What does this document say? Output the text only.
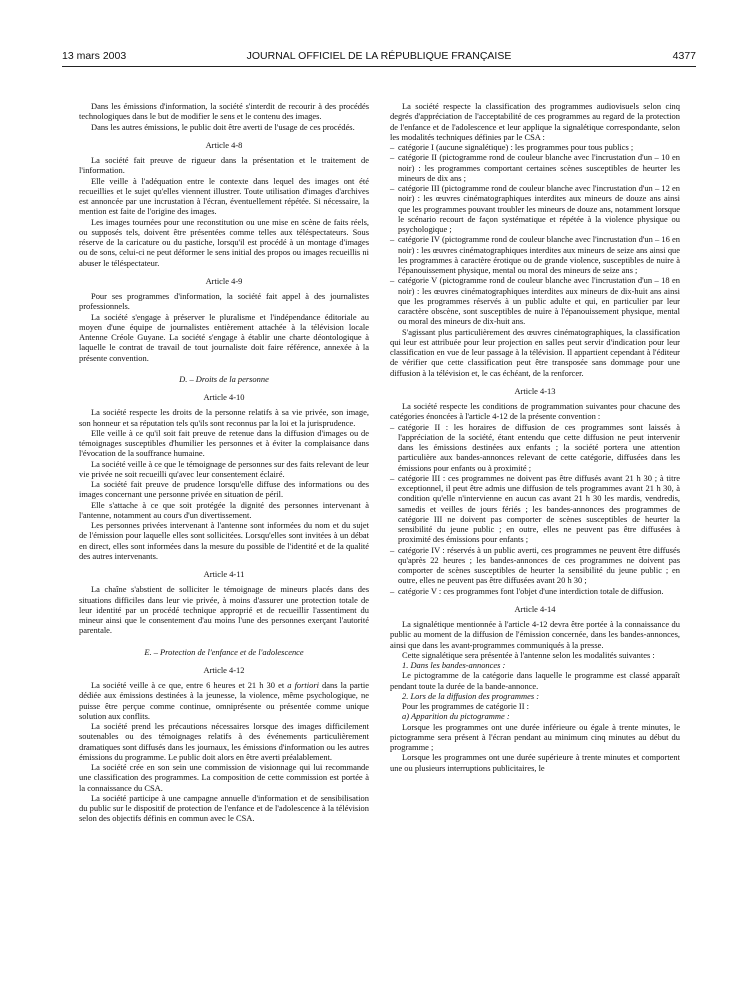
13 mars 2003	JOURNAL OFFICIEL DE LA RÉPUBLIQUE FRANÇAISE	4377

Dans les émissions d'information, la société s'interdit de recourir à des procédés technologiques dans le but de modifier le sens et le contenu des images.

Dans les autres émissions, le public doit être averti de l'usage de ces procédés.

Article 4-8

La société fait preuve de rigueur dans la présentation et le traitement de l'information.

Elle veille à l'adéquation entre le contexte dans lequel des images ont été recueillies et le sujet qu'elles viennent illustrer. Toute utilisation d'images d'archives est annoncée par une incrustation à l'écran, éventuellement répétée. Si nécessaire, la mention est faite de l'origine des images.

Les images tournées pour une reconstitution ou une mise en scène de faits réels, ou supposés tels, doivent être présentées comme telles aux téléspectateurs. Sous réserve de la caricature ou du pastiche, lorsqu'il est procédé à un montage d'images ou de sons, celui-ci ne peut déformer le sens initial des propos ou images recueillis ni abuser le téléspectateur.

Article 4-9

Pour ses programmes d'information, la société fait appel à des journalistes professionnels.

La société s'engage à préserver le pluralisme et l'indépendance éditoriale au moyen d'une équipe de journalistes entièrement attachée à la télévision locale Antenne Créole Guyane. La société s'engage à établir une charte déontologique à laquelle le contrat de travail de tout journaliste doit faire référence, annexée à la présente convention.

D. – Droits de la personne

Article 4-10

La société respecte les droits de la personne relatifs à sa vie privée, son image, son honneur et sa réputation tels qu'ils sont reconnus par la loi et la jurisprudence.

Elle veille à ce qu'il soit fait preuve de retenue dans la diffusion d'images ou de témoignages susceptibles d'humilier les personnes et à éviter la complaisance dans l'évocation de la souffrance humaine.

La société veille à ce que le témoignage de personnes sur des faits relevant de leur vie privée ne soit recueilli qu'avec leur consentement éclairé.

La société fait preuve de prudence lorsqu'elle diffuse des informations ou des images concernant une personne privée en situation de péril.

Elle s'attache à ce que soit protégée la dignité des personnes intervenant à l'antenne, notamment au cours d'un divertissement.

Les personnes privées intervenant à l'antenne sont informées du nom et du sujet de l'émission pour laquelle elles sont sollicitées. Lorsqu'elles sont invitées à un débat en direct, elles sont informées dans la mesure du possible de l'identité et de la qualité des autres intervenants.

Article 4-11

La chaîne s'abstient de solliciter le témoignage de mineurs placés dans des situations difficiles dans leur vie privée, à moins d'assurer une protection totale de leur identité par un procédé technique approprié et de recueillir l'assentiment du mineur ainsi que le consentement d'au moins l'une des personnes exerçant l'autorité parentale.

E. – Protection de l'enfance et de l'adolescence

Article 4-12

La société veille à ce que, entre 6 heures et 21 h 30 et a fortiori dans la partie dédiée aux émissions destinées à la jeunesse, la violence, même psychologique, ne puisse être perçue comme continue, omniprésente ou présentée comme unique solution aux conflits.

La société prend les précautions nécessaires lorsque des images difficilement soutenables ou des témoignages relatifs à des événements particulièrement dramatiques sont diffusés dans les journaux, les émissions d'information ou les autres émissions du programme. Le public doit alors en être averti préalablement.

La société crée en son sein une commission de visionnage qui lui recommande une classification des programmes. La composition de cette commission est portée à la connaissance du CSA.

La société participe à une campagne annuelle d'information et de sensibilisation du public sur le dispositif de protection de l'enfance et de l'adolescence à la télévision selon des objectifs définis en commun avec le CSA.

La société respecte la classification des programmes audiovisuels selon cinq degrés d'appréciation de l'acceptabilité de ces programmes au regard de la protection de l'enfance et de l'adolescence et leur applique la signalétique correspondante, selon les modalités techniques définies par le CSA :

– catégorie I (aucune signalétique) : les programmes pour tous publics ;
– catégorie II (pictogramme rond de couleur blanche avec l'incrustation d'un – 10 en noir) : les programmes comportant certaines scènes susceptibles de heurter les mineurs de dix ans ;
– catégorie III (pictogramme rond de couleur blanche avec l'incrustation d'un – 12 en noir) : les œuvres cinématographiques interdites aux mineurs de douze ans ainsi que les programmes pouvant troubler les mineurs de douze ans, notamment lorsque le scénario recourt de façon systématique et répétée à la violence physique ou psychologique ;
– catégorie IV (pictogramme rond de couleur blanche avec l'incrustation d'un – 16 en noir) : les œuvres cinématographiques interdites aux mineurs de seize ans ainsi que les programmes à caractère érotique ou de grande violence, susceptibles de nuire à l'épanouissement physique, mental ou moral des mineurs de seize ans ;
– catégorie V (pictogramme rond de couleur blanche avec l'incrustation d'un – 18 en noir) : les œuvres cinématographiques interdites aux mineurs de dix-huit ans ainsi que les programmes réservés à un public adulte et qui, en particulier par leur caractère obscène, sont susceptibles de nuire à l'épanouissement physique, mental ou moral des mineurs de dix-huit ans.

S'agissant plus particulièrement des œuvres cinématographiques, la classification qui leur est attribuée pour leur projection en salles peut servir d'indication pour leur classification en vue de leur passage à la télévision. Il appartient cependant à l'éditeur de vérifier que cette classification peut être transposée sans dommage pour une diffusion à la télévision et, le cas échéant, de la renforcer.

Article 4-13

La société respecte les conditions de programmation suivantes pour chacune des catégories énoncées à l'article 4-12 de la présente convention :

– catégorie II : les horaires de diffusion de ces programmes sont laissés à l'appréciation de la société, étant entendu que cette diffusion ne peut intervenir dans les émissions destinées aux enfants ; la société portera une attention particulière aux bandes-annonces relevant de cette catégorie, diffusées dans les émissions pour enfants ou à proximité ;
– catégorie III : ces programmes ne doivent pas être diffusés avant 21 h 30 ; à titre exceptionnel, il peut être admis une diffusion de tels programmes avant 21 h 30, à condition qu'elle n'intervienne en aucun cas avant 21 h 30 les mardis, vendredis, samedis et veilles de jours fériés ; les bandes-annonces des programmes de catégorie III ne doivent pas comporter de scènes susceptibles de heurter la sensibilité du jeune public ; en outre, elles ne peuvent pas être diffusées à proximité des émissions pour enfants ;
– catégorie IV : réservés à un public averti, ces programmes ne peuvent être diffusés qu'après 22 heures ; les bandes-annonces de ces programmes ne doivent pas comporter de scènes susceptibles de heurter la sensibilité du jeune public ; en outre, elles ne peuvent pas être diffusées avant 20 h 30 ;
– catégorie V : ces programmes font l'objet d'une interdiction totale de diffusion.

Article 4-14

La signalétique mentionnée à l'article 4-12 devra être portée à la connaissance du public au moment de la diffusion de l'émission concernée, dans les bandes-annonces, ainsi que dans les avant-programmes communiqués à la presse.

Cette signalétique sera présentée à l'antenne selon les modalités suivantes :

1. Dans les bandes-annonces :

Le pictogramme de la catégorie dans laquelle le programme est classé apparaît pendant toute la durée de la bande-annonce.

2. Lors de la diffusion des programmes :

Pour les programmes de catégorie II :

a) Apparition du pictogramme :

Lorsque les programmes ont une durée inférieure ou égale à trente minutes, le pictogramme sera présent à l'écran pendant au minimum cinq minutes au début du programme ;

Lorsque les programmes ont une durée supérieure à trente minutes et comportent une ou plusieurs interruptions publicitaires, le
